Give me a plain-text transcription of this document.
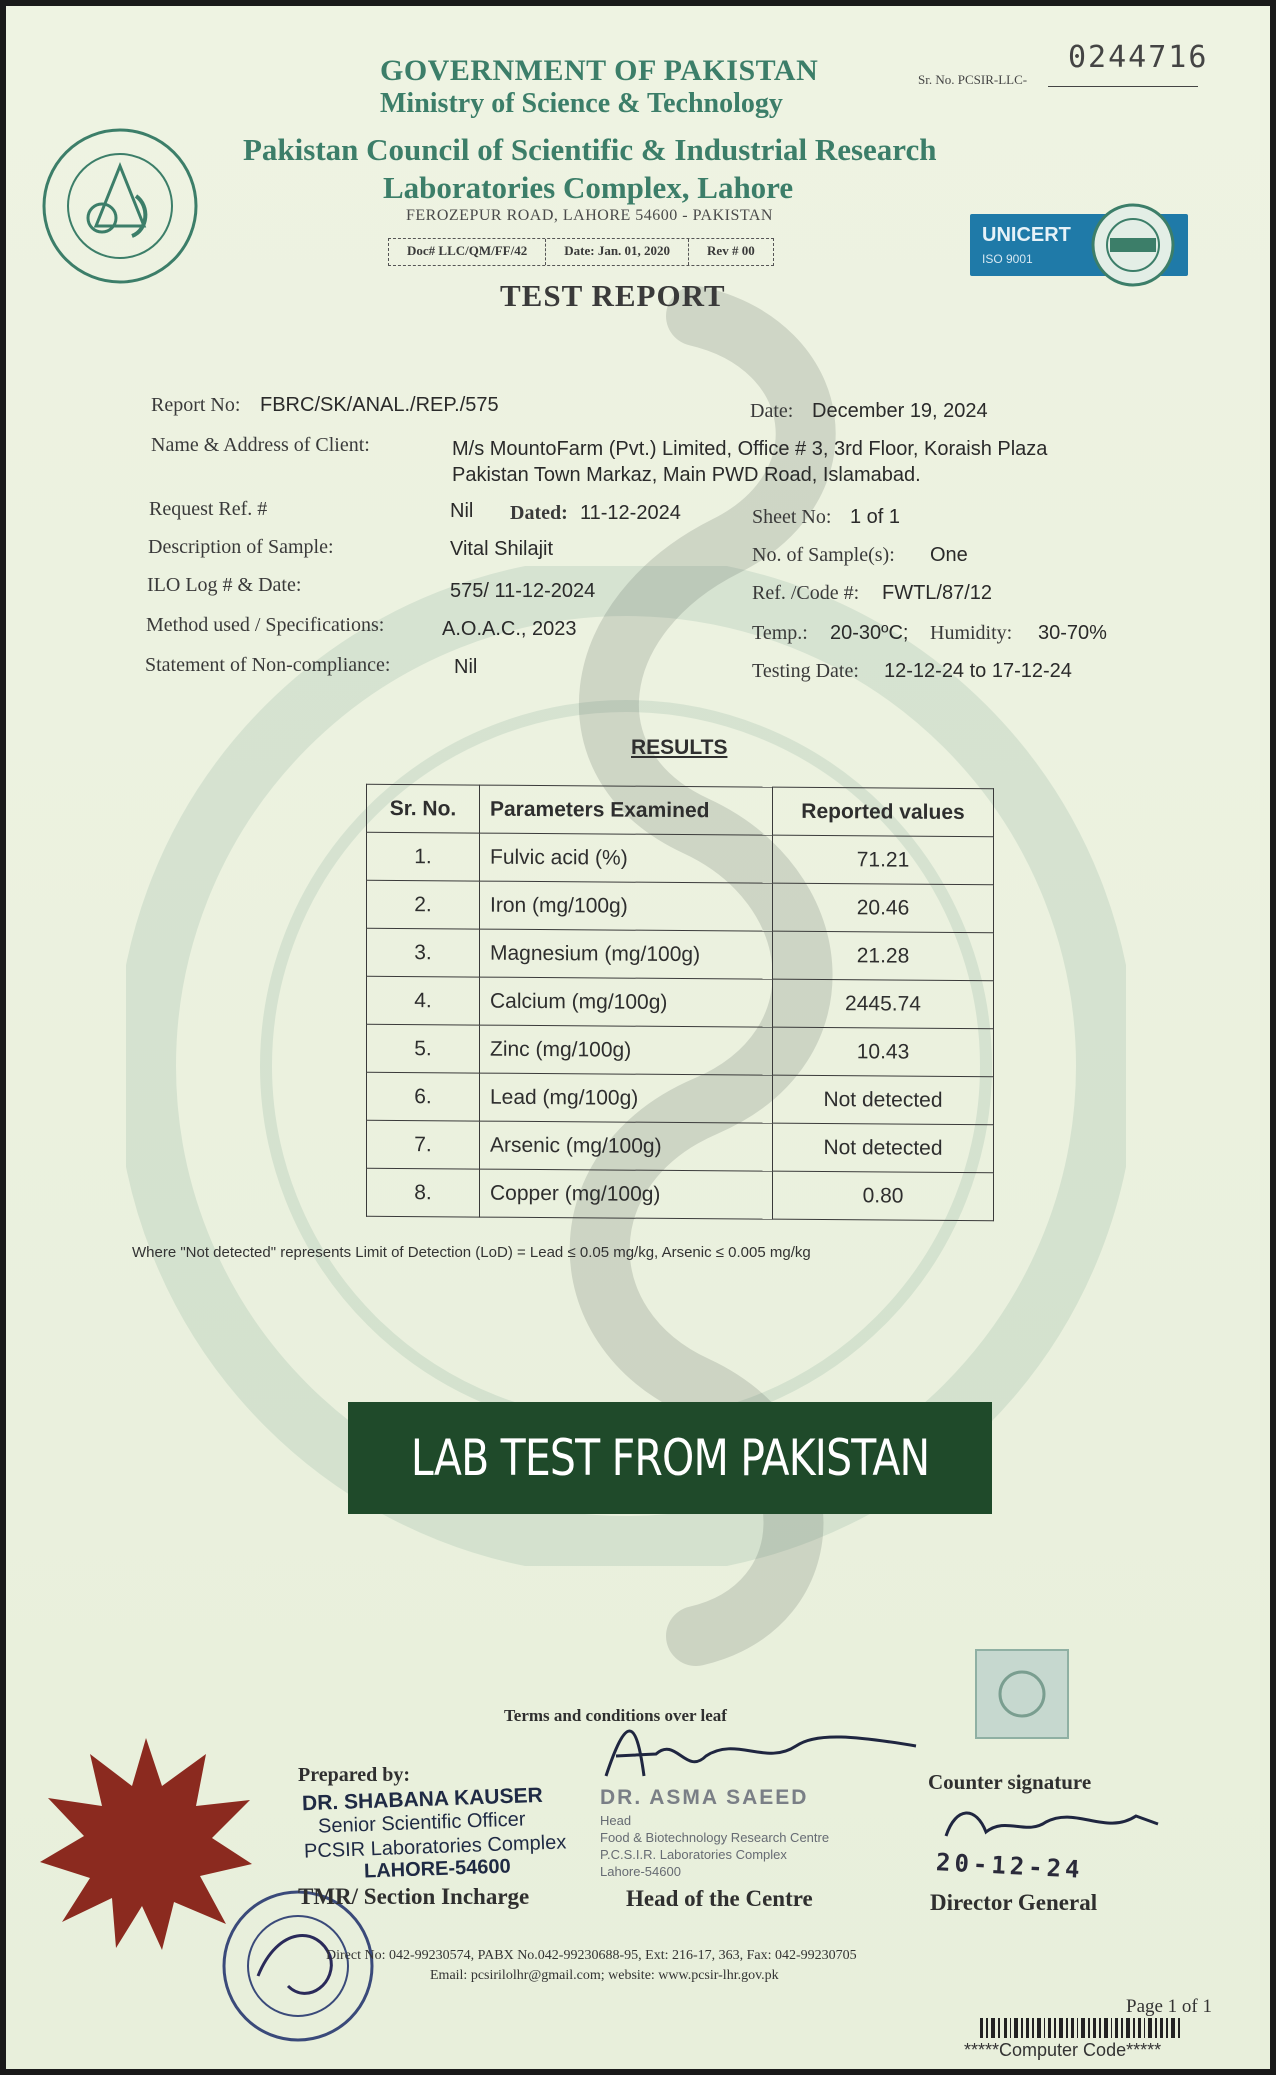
GOVERNMENT OF PAKISTAN
Ministry of Science & Technology
Pakistan Council of Scientific & Industrial Research
Laboratories Complex, Lahore
FEROZEPUR ROAD, LAHORE 54600 - PAKISTAN
Doc# LLC/QM/FF/42	Date: Jan. 01, 2020	Rev # 00
TEST REPORT
Sr. No. PCSIR-LLC-
0244716
UNICERT
ISO 9001
Report No: FBRC/SK/ANAL./REP./575	Date: December 19, 2024
Name & Address of Client:	M/s MountoFarm (Pvt.) Limited, Office # 3, 3rd Floor, Koraish Plaza
Pakistan Town Markaz, Main PWD Road, Islamabad.
Request Ref. #	Nil Dated: 11-12-2024	Sheet No: 1 of 1
Description of Sample:	Vital Shilajit	No. of Sample(s): One
ILO Log # & Date:	575/ 11-12-2024	Ref. /Code #: FWTL/87/12
Method used / Specifications:	A.O.A.C., 2023	Temp.: 20-30ºC; Humidity: 30-70%
Statement of Non-compliance:	Nil	Testing Date: 12-12-24 to 17-12-24
RESULTS
Sr. No.	Parameters Examined	Reported values
1.	Fulvic acid (%)	71.21
2.	Iron (mg/100g)	20.46
3.	Magnesium (mg/100g)	21.28
4.	Calcium (mg/100g)	2445.74
5.	Zinc (mg/100g)	10.43
6.	Lead (mg/100g)	Not detected
7.	Arsenic (mg/100g)	Not detected
8.	Copper (mg/100g)	0.80
Where "Not detected" represents Limit of Detection (LoD) = Lead ≤ 0.05 mg/kg, Arsenic ≤ 0.005 mg/kg
LAB TEST FROM PAKISTAN
Terms and conditions over leaf
Prepared by:
DR. SHABANA KAUSER
Senior Scientific Officer
PCSIR Laboratories Complex
LAHORE-54600
TMR/ Section Incharge
DR. ASMA SAEED
Head
Food & Biotechnology Research Centre
P.C.S.I.R. Laboratories Complex
Lahore-54600
Head of the Centre
Counter signature
20-12-24
Director General
Direct No: 042-99230574, PABX No.042-99230688-95, Ext: 216-17, 363, Fax: 042-99230705
Email: pcsirilolhr@gmail.com; website: www.pcsir-lhr.gov.pk
Page 1 of 1
*****Computer Code*****
